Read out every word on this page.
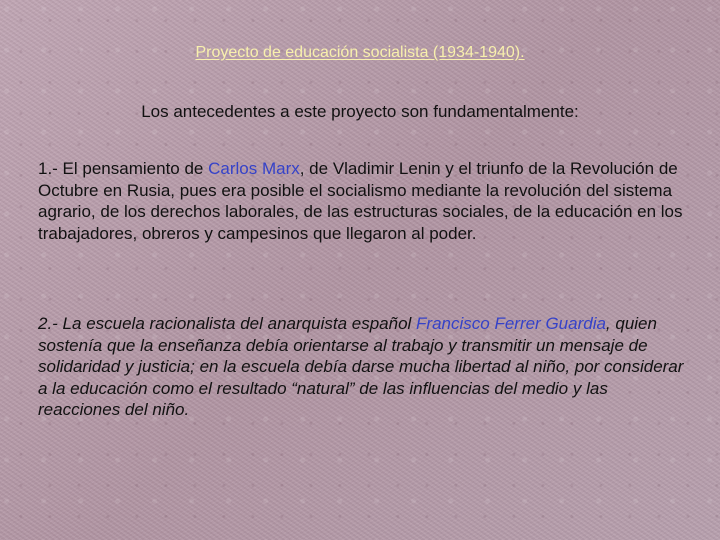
Proyecto de educación socialista (1934-1940).
Los antecedentes a este proyecto son fundamentalmente:
1.- El pensamiento de Carlos Marx, de Vladimir Lenin y el triunfo de la Revolución de Octubre en Rusia, pues era posible el socialismo mediante la revolución del sistema agrario, de los derechos laborales, de las estructuras sociales, de la educación en los trabajadores, obreros y campesinos que llegaron al poder.
2.- La escuela racionalista del anarquista español Francisco Ferrer Guardia, quien sostenía que la enseñanza debía orientarse al trabajo y transmitir un mensaje de solidaridad y justicia; en la escuela debía darse mucha libertad al niño, por considerar a la educación como el resultado “natural” de las influencias del medio y las reacciones del niño.
